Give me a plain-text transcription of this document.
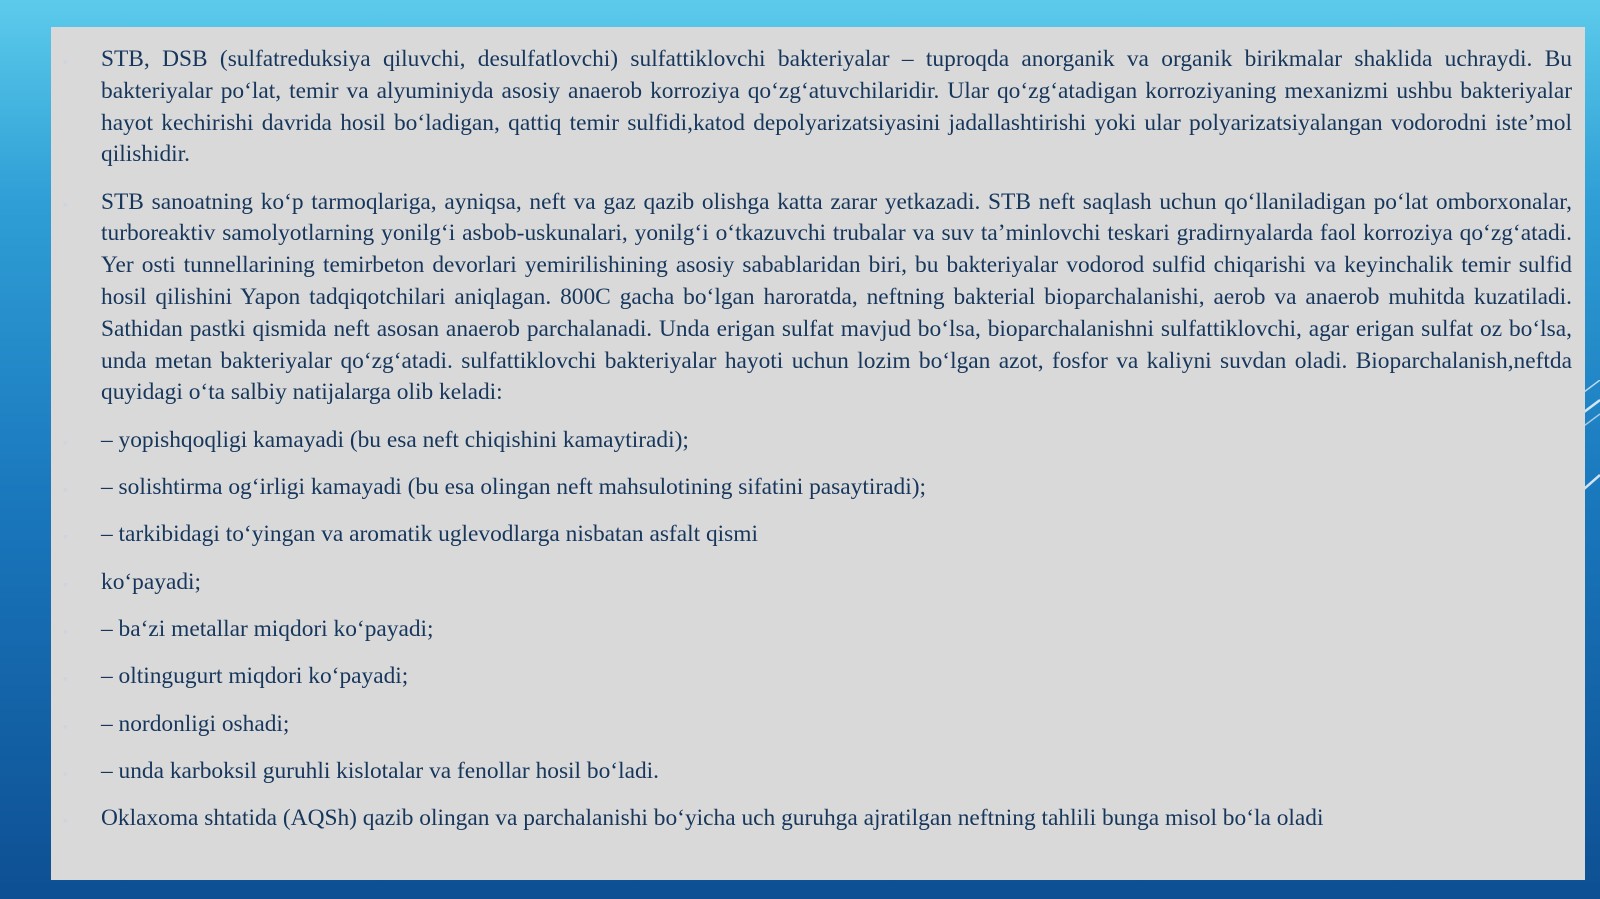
▪ STB, DSB (sulfatreduksiya qiluvchi, desulfatlovchi) sulfattiklovchi bakteriyalar – tuproqda anorganik va organik birikmalar shaklida uchraydi. Bu bakteriyalar po‘lat, temir va alyuminiyda asosiy anaerob korroziya qo‘zg‘atuvchilaridir. Ular qo‘zg‘atadigan korroziyaning mexanizmi ushbu bakteriyalar hayot kechirishi davrida hosil bo‘ladigan, qattiq temir sulfidi,katod depolyarizatsiyasini jadallashtirishi yoki ular polyarizatsiyalangan vodorodni iste’mol qilishidir.

▪ STB sanoatning ko‘p tarmoqlariga, ayniqsa, neft va gaz qazib olishga katta zarar yetkazadi. STB neft saqlash uchun qo‘llaniladigan po‘lat omborxonalar, turboreaktiv samolyotlarning yonilg‘i asbob-uskunalari, yonilg‘i o‘tkazuvchi trubalar va suv ta’minlovchi teskari gradirnyalarda faol korroziya qo‘zg‘atadi. Yer osti tunnellarining temirbeton devorlari yemirilishining asosiy sabablaridan biri, bu bakteriyalar vodorod sulfid chiqarishi va keyinchalik temir sulfid hosil qilishini Yapon tadqiqotchilari aniqlagan. 800C gacha bo‘lgan haroratda, neftning bakterial bioparchalanishi, aerob va anaerob muhitda kuzatiladi. Sathidan pastki qismida neft asosan anaerob parchalanadi. Unda erigan sulfat mavjud bo‘lsa, bioparchalanishni sulfattiklovchi, agar erigan sulfat oz bo‘lsa, unda metan bakteriyalar qo‘zg‘atadi. sulfattiklovchi bakteriyalar hayoti uchun lozim bo‘lgan azot, fosfor va kaliyni suvdan oladi. Bioparchalanish,neftda quyidagi o‘ta salbiy natijalarga olib keladi:

▪ – yopishqoqligi kamayadi (bu esa neft chiqishini kamaytiradi);

▪ – solishtirma og‘irligi kamayadi (bu esa olingan neft mahsulotining sifatini pasaytiradi);

▪ – tarkibidagi to‘yingan va aromatik uglevodlarga nisbatan asfalt qismi

▪ ko‘payadi;

▪ – ba‘zi metallar miqdori ko‘payadi;

▪ – oltingugurt miqdori ko‘payadi;

▪ – nordonligi oshadi;

▪ – unda karboksil guruhli kislotalar va fenollar hosil bo‘ladi.

▪ Oklaxoma shtatida (AQSh) qazib olingan va parchalanishi bo‘yicha uch guruhga ajratilgan neftning tahlili bunga misol bo‘la oladi
